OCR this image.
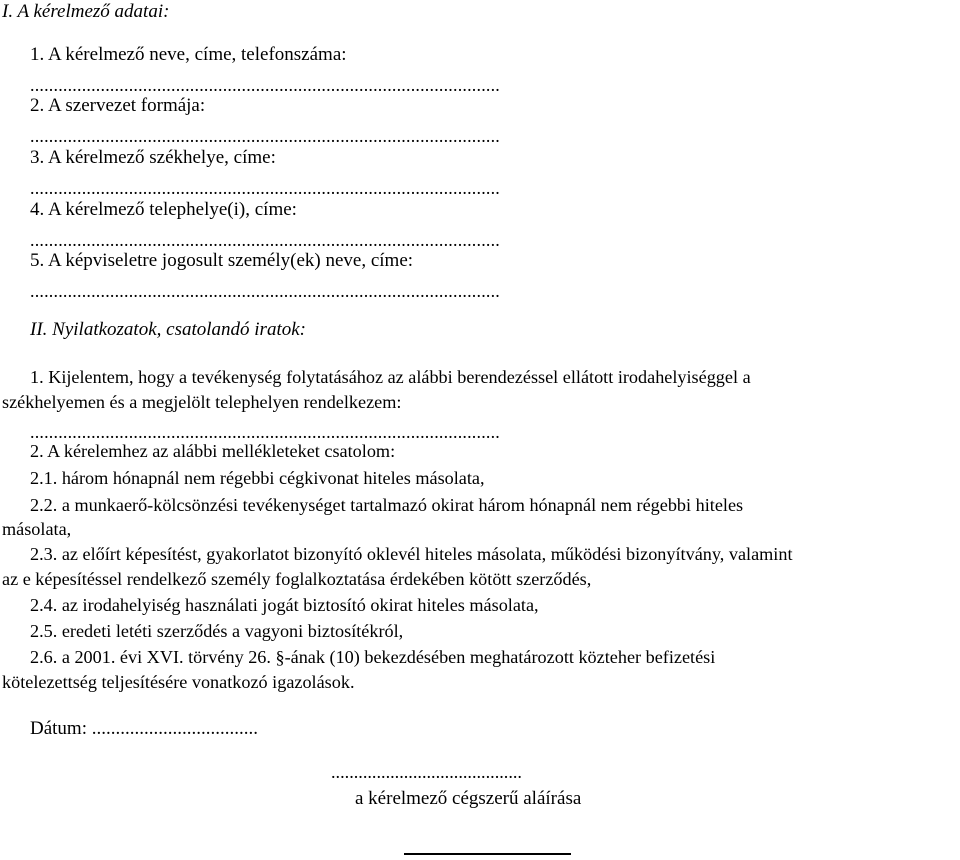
I. A kérelmező adatai:
1. A kérelmező neve, címe, telefonszáma:
....................................................................................................
2. A szervezet formája:
....................................................................................................
3. A kérelmező székhelye, címe:
....................................................................................................
4. A kérelmező telephelye(i), címe:
....................................................................................................
5. A képviseletre jogosult személy(ek) neve, címe:
....................................................................................................
II. Nyilatkozatok, csatolandó iratok:
1. Kijelentem, hogy a tevékenység folytatásához az alábbi berendezéssel ellátott irodahelyiséggel a
székhelyemen és a megjelölt telephelyen rendelkezem:
....................................................................................................
2. A kérelemhez az alábbi mellékleteket csatolom:
2.1. három hónapnál nem régebbi cégkivonat hiteles másolata,
2.2. a munkaerő-kölcsönzési tevékenységet tartalmazó okirat három hónapnál nem régebbi hiteles
másolata,
2.3. az előírt képesítést, gyakorlatot bizonyító oklevél hiteles másolata, működési bizonyítvány, valamint
az e képesítéssel rendelkező személy foglalkoztatása érdekében kötött szerződés,
2.4. az irodahelyiség használati jogát biztosító okirat hiteles másolata,
2.5. eredeti letéti szerződés a vagyoni biztosítékról,
2.6. a 2001. évi XVI. törvény 26. §-ának (10) bekezdésében meghatározott közteher befizetési
kötelezettség teljesítésére vonatkozó igazolások.
Dátum: ...................................
..........................................
a kérelmező cégszerű aláírása
